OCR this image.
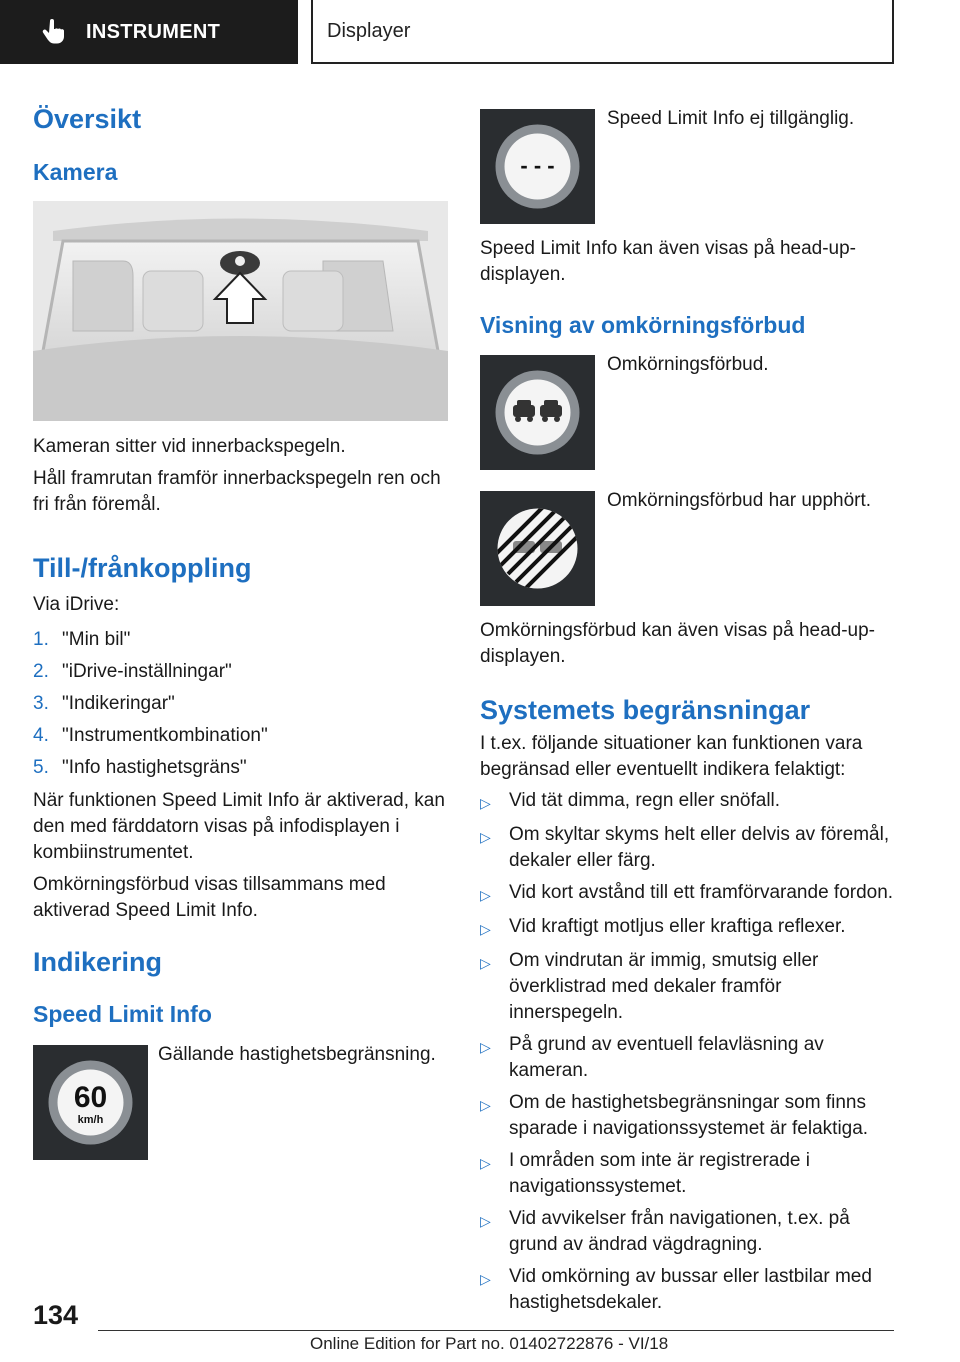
INSTRUMENT	Displayer
Översikt
Kamera

Kameran sitter vid innerbackspegeln.

Håll framrutan framför innerbackspegeln ren och fri från föremål.

Till-/frånkoppling

Via iDrive:

1. "Min bil"
2. "iDrive-inställningar"
3. "Indikeringar"
4. "Instrumentkombination"
5. "Info hastighetsgräns"

När funktionen Speed Limit Info är aktiverad, kan den med färddatorn visas på infodisplayen i kombiinstrumentet.

Omkörningsförbud visas tillsammans med aktiverad Speed Limit Info.

Indikering
Speed Limit Info
60
km/h

Gällande hastighetsbegränsning.

- - -

Speed Limit Info ej tillgänglig.

Speed Limit Info kan även visas på head-up-displayen.

Visning av omkörningsförbud

Omkörningsförbud.

Omkörningsförbud har upphört.

Omkörningsförbud kan även visas på head-up-displayen.

Systemets begränsningar

I t.ex. följande situationer kan funktionen vara begränsad eller eventuellt indikera felaktigt:

▷ Vid tät dimma, regn eller snöfall.
▷ Om skyltar skyms helt eller delvis av föremål, dekaler eller färg.
▷ Vid kort avstånd till ett framförvarande fordon.
▷ Vid kraftigt motljus eller kraftiga reflexer.
▷ Om vindrutan är immig, smutsig eller överklistrad med dekaler framför innerspegeln.
▷ På grund av eventuell felavläsning av kameran.
▷ Om de hastighetsbegränsningar som finns sparade i navigationssystemet är felaktiga.
▷ I områden som inte är registrerade i navigationssystemet.
▷ Vid avvikelser från navigationen, t.ex. på grund av ändrad vägdragning.
▷ Vid omkörning av bussar eller lastbilar med hastighetsdekaler.
134
Online Edition for Part no. 01402722876 - VI/18
